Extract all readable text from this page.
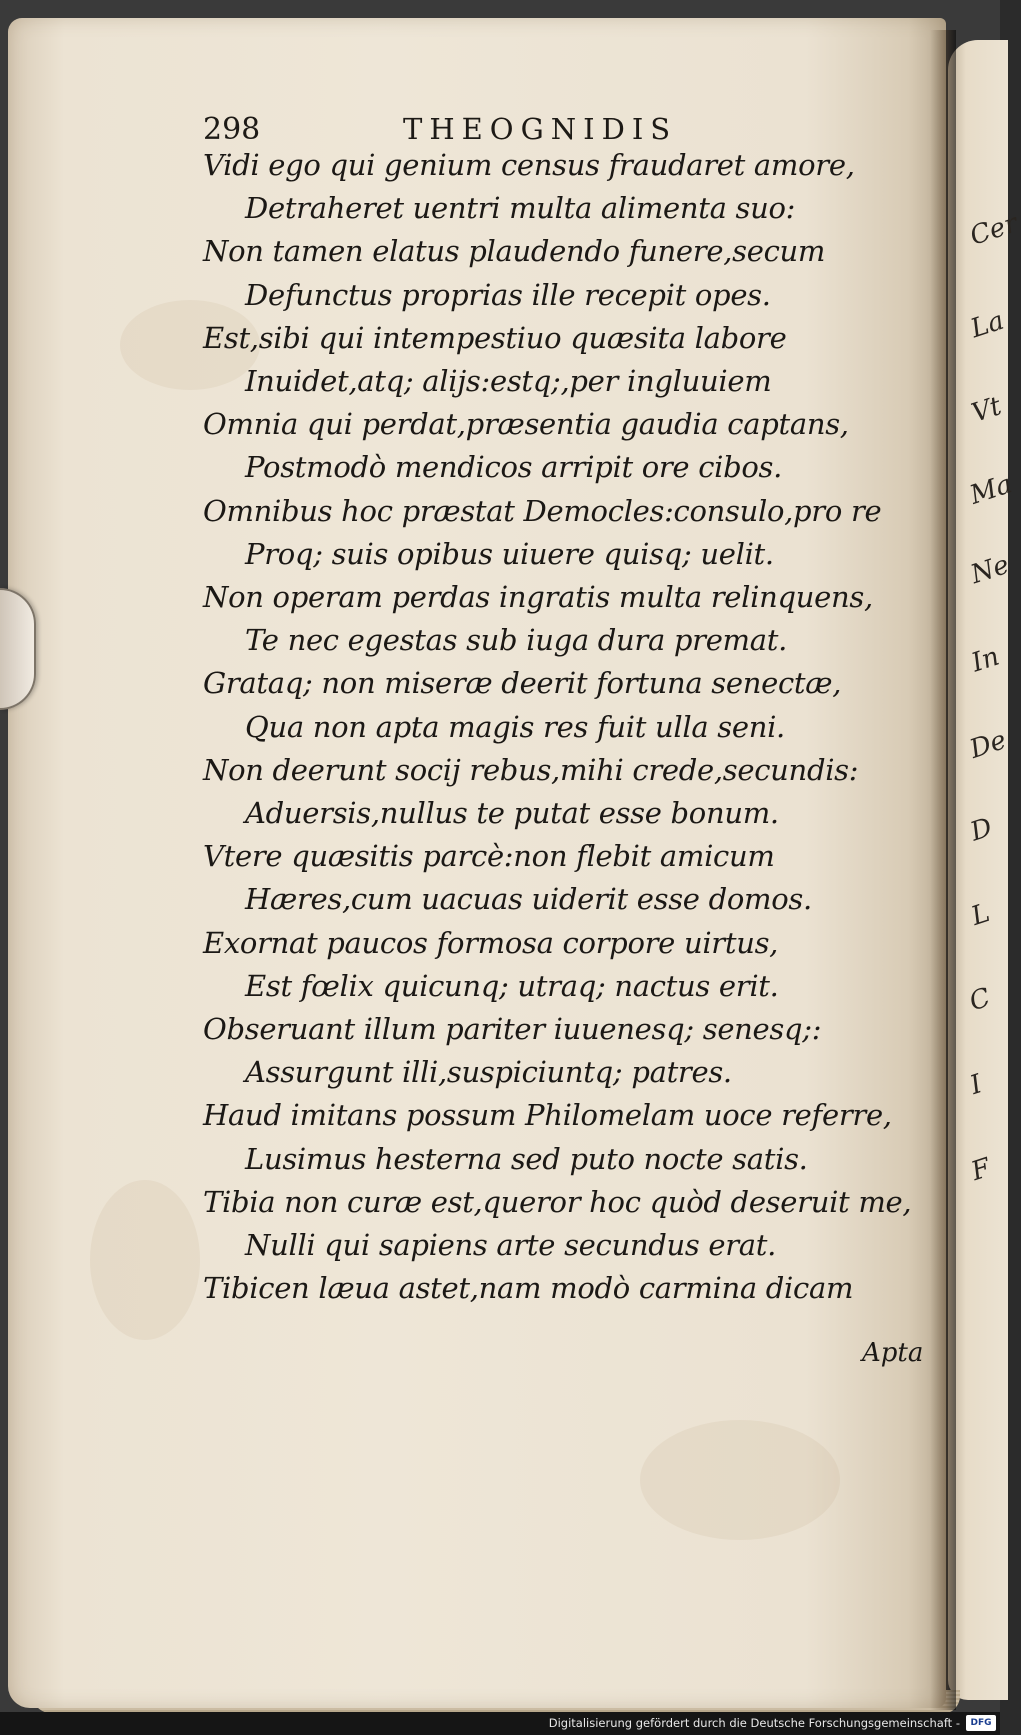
298	THEOGNIDIS
Vidi ego qui genium census fraudaret amore,
Detraheret uentri multa alimenta suo:
Non tamen elatus plaudendo funere,secum
Defunctus proprias ille recepit opes.
Est,sibi qui intempestiuo quæsita labore
Inuidet,atq; alijs:estq;,per ingluuiem
Omnia qui perdat,præsentia gaudia captans,
Postmodò mendicos arripit ore cibos.
Omnibus hoc præstat Democles:consulo,pro re
Proq; suis opibus uiuere quisq; uelit.
Non operam perdas ingratis multa relinquens,
Te nec egestas sub iuga dura premat.
Grataq; non miseræ deerit fortuna senectæ,
Qua non apta magis res fuit ulla seni.
Non deerunt socij rebus,mihi crede,secundis:
Aduersis,nullus te putat esse bonum.
Vtere quæsitis parcè:non flebit amicum
Hæres,cum uacuas uiderit esse domos.
Exornat paucos formosa corpore uirtus,
Est fœlix quicunq; utraq; nactus erit.
Obseruant illum pariter iuuenesq; senesq;:
Assurgunt illi,suspiciuntq; patres.
Haud imitans possum Philomelam uoce referre,
Lusimus hesterna sed puto nocte satis.
Tibia non curæ est,queror hoc quòd deseruit me,
Nulli qui sapiens arte secundus erat.
Tibicen læua astet,nam modò carmina dicam
Apta
Cer
La
Vt
Ma
Ne
In
De
D
L
C
I
F
Digitalisierung gefördert durch die Deutsche Forschungsgemeinschaft -	DFG
